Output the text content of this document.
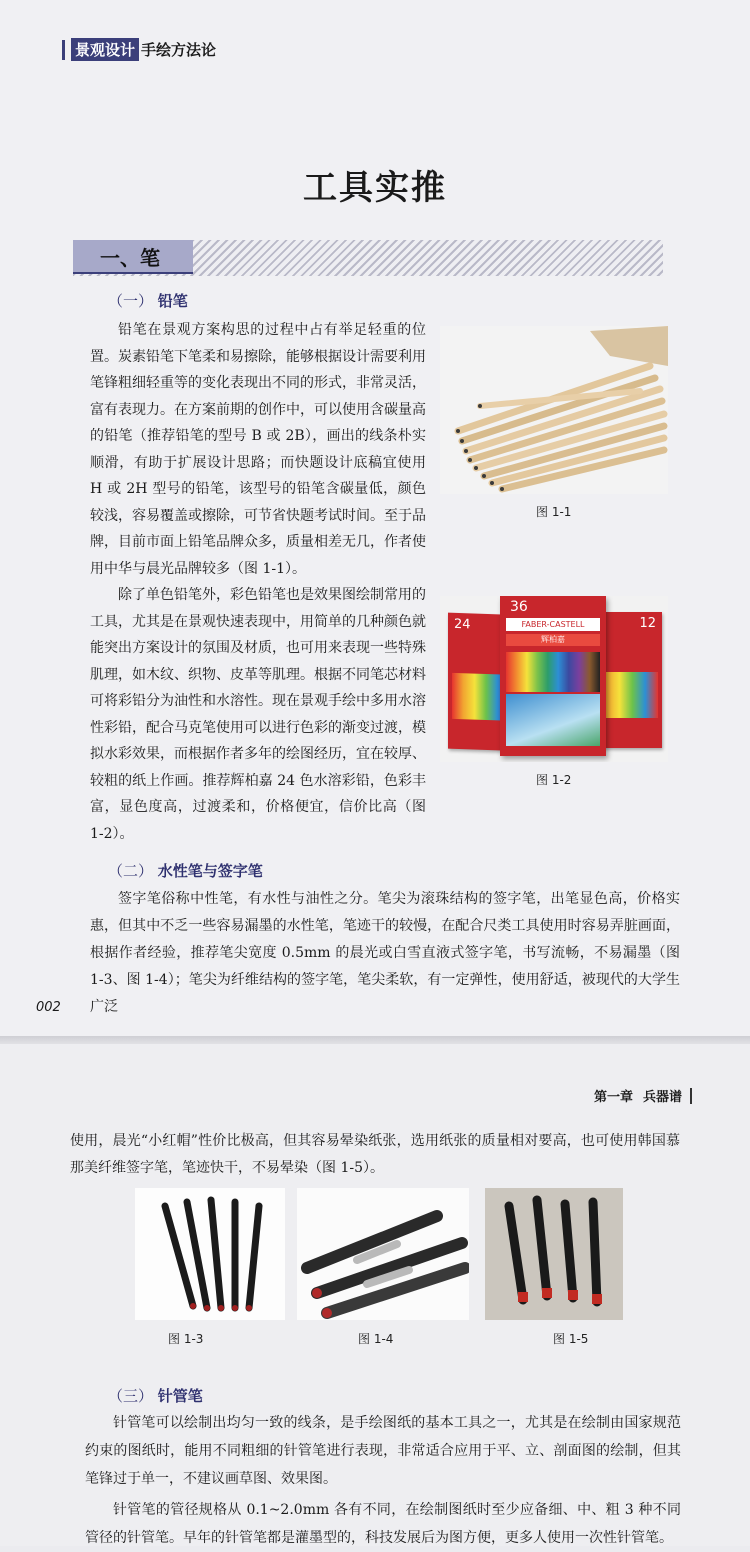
景观设计 手绘方法论
工具实推
一、笔
（一） 铅笔

铅笔在景观方案构思的过程中占有举足轻重的位置。炭素铅笔下笔柔和易擦除，能够根据设计需要利用笔锋粗细轻重等的变化表现出不同的形式，非常灵活，富有表现力。在方案前期的创作中，可以使用含碳量高的铅笔（推荐铅笔的型号 B 或 2B），画出的线条朴实顺滑，有助于扩展设计思路；而快题设计底稿宜使用 H 或 2H 型号的铅笔，该型号的铅笔含碳量低，颜色较浅，容易覆盖或擦除，可节省快题考试时间。至于品牌，目前市面上铅笔品牌众多，质量相差无几，作者使用中华与晨光品牌较多（图 1-1）。

图 1-1

除了单色铅笔外，彩色铅笔也是效果图绘制常用的工具，尤其是在景观快速表现中，用简单的几种颜色就能突出方案设计的氛围及材质，也可用来表现一些特殊肌理，如木纹、织物、皮革等肌理。根据不同笔芯材料可将彩铅分为油性和水溶性。现在景观手绘中多用水溶性彩铅，配合马克笔使用可以进行色彩的渐变过渡，模拟水彩效果，而根据作者多年的绘图经历，宜在较厚、较粗的纸上作画。推荐辉柏嘉 24 色水溶彩铅，色彩丰富，显色度高，过渡柔和，价格便宜，信价比高（图 1-2）。

24	12
36
FABER-CASTELL
辉柏嘉
图 1-2
（二） 水性笔与签字笔

签字笔俗称中性笔，有水性与油性之分。笔尖为滚珠结构的签字笔，出笔显色高，价格实惠，但其中不乏一些容易漏墨的水性笔，笔迹干的较慢，在配合尺类工具使用时容易弄脏画面，根据作者经验，推荐笔尖宽度 0.5mm 的晨光或白雪直液式签字笔，书写流畅，不易漏墨（图 1-3、图 1-4）；笔尖为纤维结构的签字笔，笔尖柔软，有一定弹性，使用舒适，被现代的大学生广泛

002
第一章 兵器谱

使用，晨光“小红帽”性价比极高，但其容易晕染纸张，选用纸张的质量相对要高，也可使用韩国慕那美纤维签字笔，笔迹快干，不易晕染（图 1-5）。

图 1-3	图 1-4	图 1-5
（三） 针管笔

针管笔可以绘制出均匀一致的线条，是手绘图纸的基本工具之一，尤其是在绘制由国家规范约束的图纸时，能用不同粗细的针管笔进行表现，非常适合应用于平、立、剖面图的绘制，但其笔锋过于单一，不建议画草图、效果图。

针管笔的管径规格从 0.1~2.0mm 各有不同，在绘制图纸时至少应备细、中、粗 3 种不同管径的针管笔。早年的针管笔都是灌墨型的，科技发展后为图方便，更多人使用一次性针管笔。
